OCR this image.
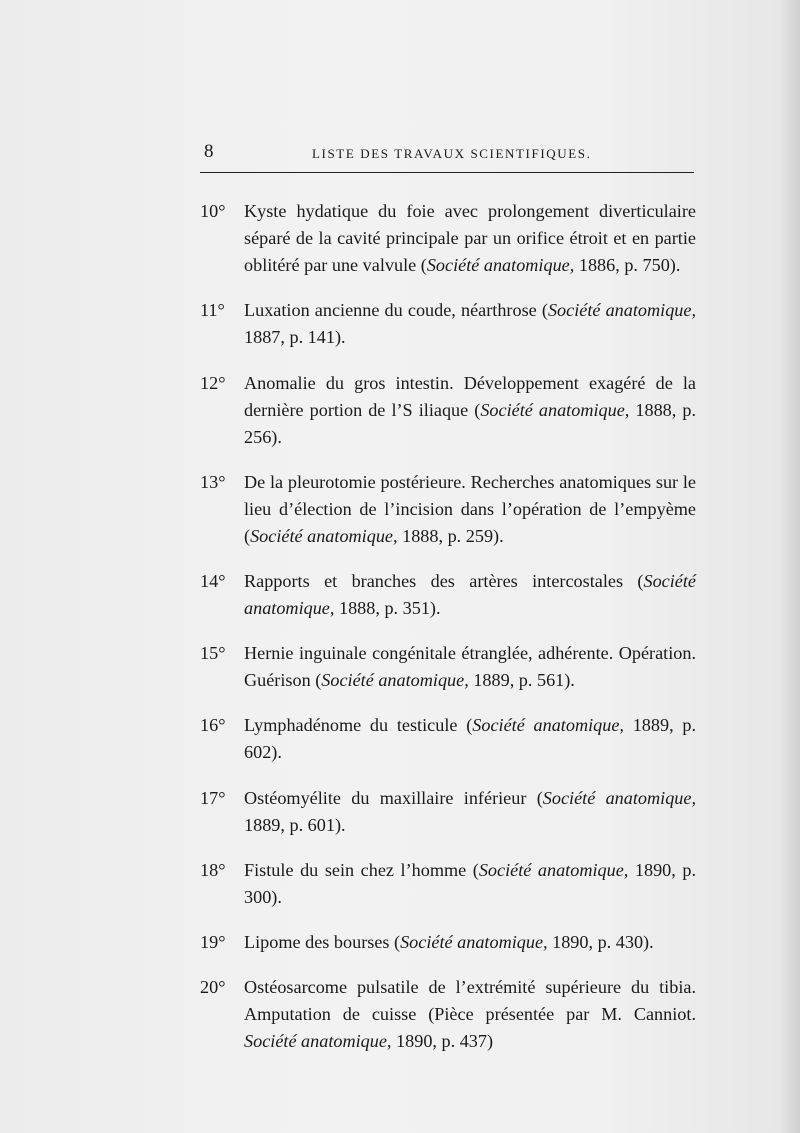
8	LISTE DES TRAVAUX SCIENTIFIQUES.

10° Kyste hydatique du foie avec prolongement diverticulaire séparé de la cavité principale par un orifice étroit et en partie oblitéré par une valvule (Société anatomique, 1886, p. 750).

11° Luxation ancienne du coude, néarthrose (Société anatomique, 1887, p. 141).

12° Anomalie du gros intestin. Développement exagéré de la dernière portion de l’S iliaque (Société anatomique, 1888, p. 256).

13° De la pleurotomie postérieure. Recherches anatomiques sur le lieu d’élection de l’incision dans l’opération de l’empyème (Société anatomique, 1888, p. 259).

14° Rapports et branches des artères intercostales (Société anatomique, 1888, p. 351).

15° Hernie inguinale congénitale étranglée, adhérente. Opération. Guérison (Société anatomique, 1889, p. 561).

16° Lymphadénome du testicule (Société anatomique, 1889, p. 602).

17° Ostéomyélite du maxillaire inférieur (Société anatomique, 1889, p. 601).

18° Fistule du sein chez l’homme (Société anatomique, 1890, p. 300).

19° Lipome des bourses (Société anatomique, 1890, p. 430).

20° Ostéosarcome pulsatile de l’extrémité supérieure du tibia. Amputation de cuisse (Pièce présentée par M. Canniot. Société anatomique, 1890, p. 437)
